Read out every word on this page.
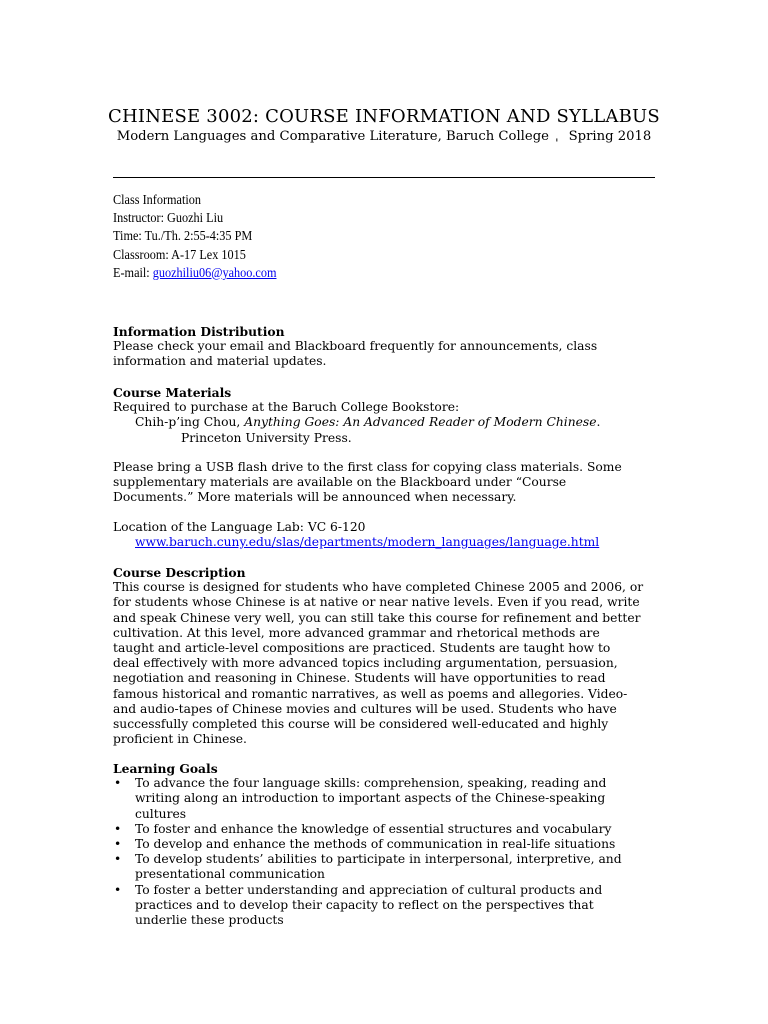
CHINESE 3002: COURSE INFORMATION AND SYLLABUS
Modern Languages and Comparative Literature, Baruch College ˌ Spring 2018
Class Information
Instructor: Guozhi Liu
Time: Tu./Th. 2:55-4:35 PM
Classroom: A-17 Lex 1015
E-mail: guozhiliu06@yahoo.com
Information Distribution
Please check your email and Blackboard frequently for announcements, class
information and material updates.
Course Materials
Required to purchase at the Baruch College Bookstore:
Chih-p’ing Chou, Anything Goes: An Advanced Reader of Modern Chinese.
Princeton University Press.
Please bring a USB flash drive to the first class for copying class materials. Some
supplementary materials are available on the Blackboard under “Course
Documents.” More materials will be announced when necessary.
Location of the Language Lab: VC 6-120
www.baruch.cuny.edu/slas/departments/modern_languages/language.html
Course Description
This course is designed for students who have completed Chinese 2005 and 2006, or
for students whose Chinese is at native or near native levels. Even if you read, write
and speak Chinese very well, you can still take this course for refinement and better
cultivation. At this level, more advanced grammar and rhetorical methods are
taught and article-level compositions are practiced. Students are taught how to
deal effectively with more advanced topics including argumentation, persuasion,
negotiation and reasoning in Chinese. Students will have opportunities to read
famous historical and romantic narratives, as well as poems and allegories. Video-
and audio-tapes of Chinese movies and cultures will be used. Students who have
successfully completed this course will be considered well-educated and highly
proficient in Chinese.
Learning Goals
• To advance the four language skills: comprehension, speaking, reading and
writing along an introduction to important aspects of the Chinese-speaking
cultures
• To foster and enhance the knowledge of essential structures and vocabulary
• To develop and enhance the methods of communication in real-life situations
• To develop students’ abilities to participate in interpersonal, interpretive, and
presentational communication
• To foster a better understanding and appreciation of cultural products and
practices and to develop their capacity to reflect on the perspectives that
underlie these products
